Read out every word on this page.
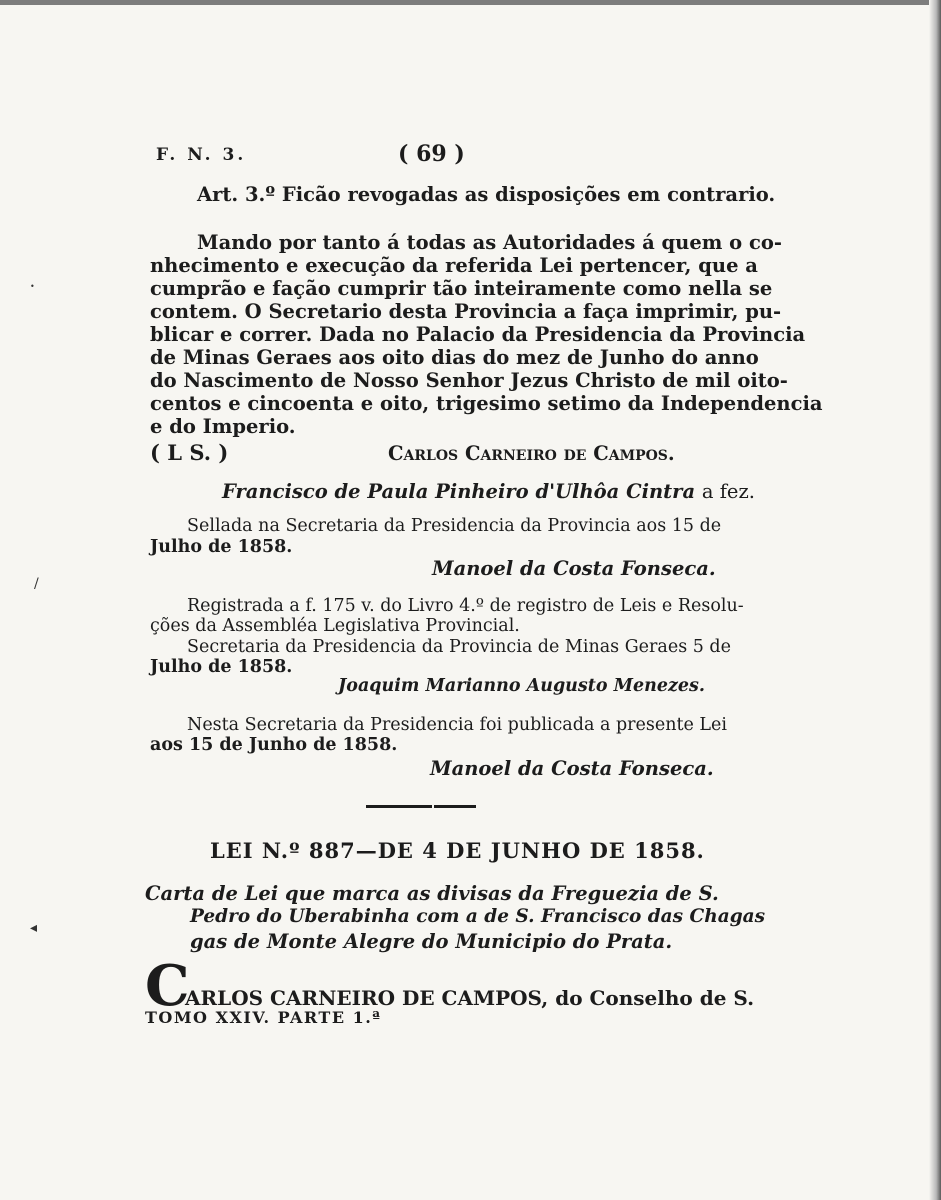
F. N. 3.	( 69 )
Art. 3.º Ficão revogadas as disposições em contrario.
Mando por tanto á todas as Autoridades á quem o co-
nhecimento e execução da referida Lei pertencer, que a
cumprão e fação cumprir tão inteiramente como nella se
contem. O Secretario desta Provincia a faça imprimir, pu-
blicar e correr. Dada no Palacio da Presidencia da Provincia
de Minas Geraes aos oito dias do mez de Junho do anno
do Nascimento de Nosso Senhor Jezus Christo de mil oito-
centos e cincoenta e oito, trigesimo setimo da Independencia
e do Imperio.
( L S. )	Carlos Carneiro de Campos.
Francisco de Paula Pinheiro d'Ulhôa Cintra a fez.
Sellada na Secretaria da Presidencia da Provincia aos 15 de
Julho de 1858.
Manoel da Costa Fonseca.
Registrada a f. 175 v. do Livro 4.º de registro de Leis e Resolu-
ções da Assembléa Legislativa Provincial.
Secretaria da Presidencia da Provincia de Minas Geraes 5 de
Julho de 1858.
Joaquim Marianno Augusto Menezes.
Nesta Secretaria da Presidencia foi publicada a presente Lei
aos 15 de Junho de 1858.
Manoel da Costa Fonseca.
LEI N.º 887—DE 4 DE JUNHO DE 1858.
Carta de Lei que marca as divisas da Freguezia de S.
Pedro do Uberabinha com a de S. Francisco das Chagas
gas de Monte Alegre do Municipio do Prata.
C
ARLOS CARNEIRO DE CAMPOS, do Conselho de S.
TOMO XXIV. PARTE 1.ª
◂
/
•
